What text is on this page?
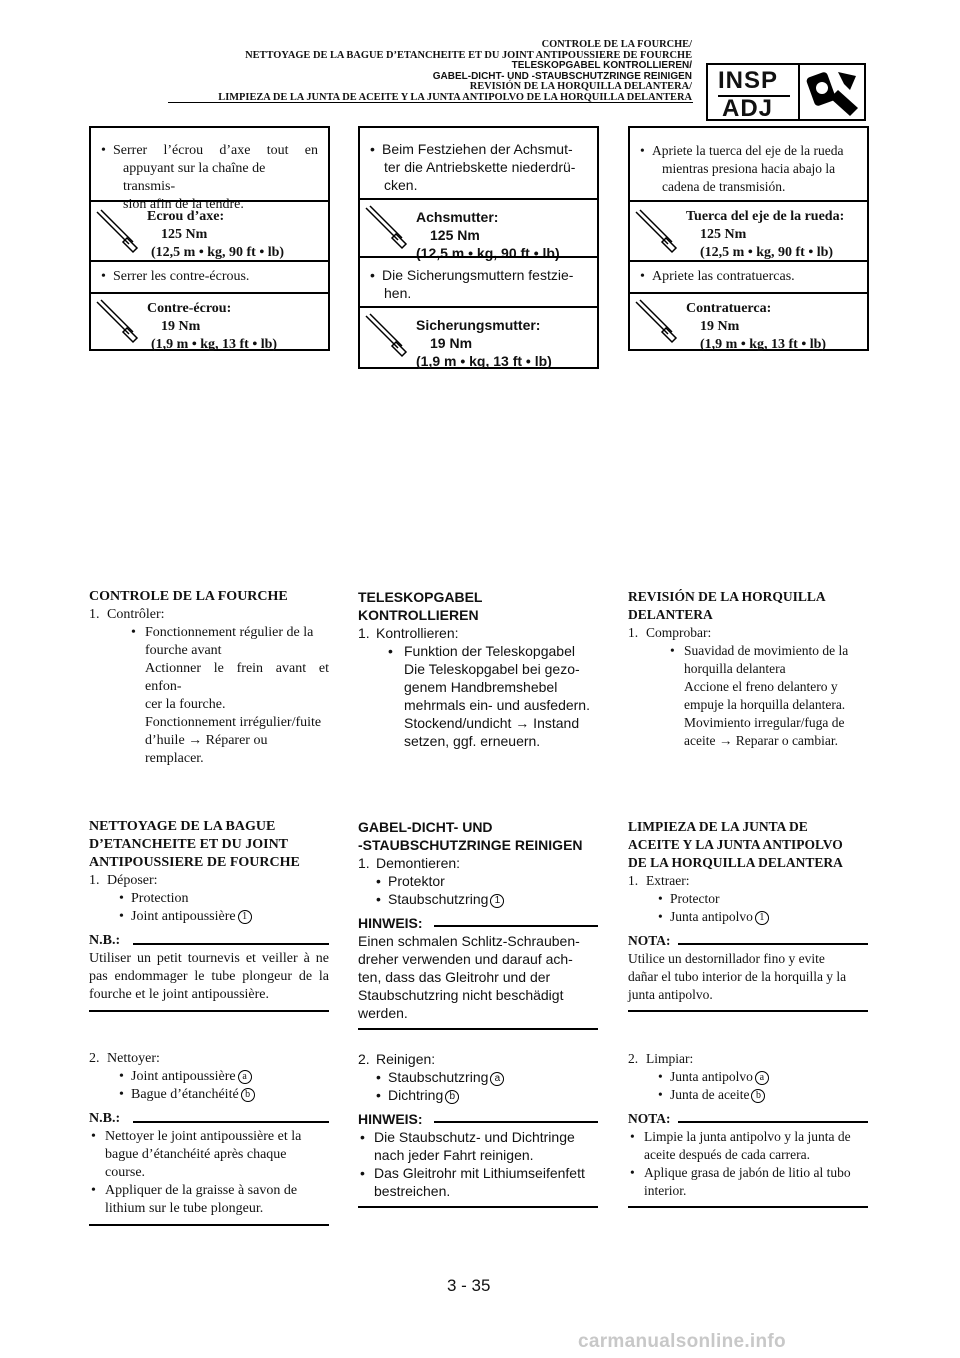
CONTROLE DE LA FOURCHE/
NETTOYAGE DE LA BAGUE D’ETANCHEITE ET DU JOINT ANTIPOUSSIERE DE FOURCHE
TELESKOPGABEL KONTROLLIEREN/
GABEL-DICHT- UND -STAUBSCHUTZRINGE REINIGEN
REVISIÓN DE LA HORQUILLA DELANTERA/
LIMPIEZA DE LA JUNTA DE ACEITE Y LA JUNTA ANTIPOLVO DE LA HORQUILLA DELANTERA
INSP
ADJ
• Serrer l’écrou d’axe tout en
appuyant sur la chaîne de transmis-
sion afin de la tendre.
Ecrou d’axe:
125 Nm
(12,5 m • kg, 90 ft • lb)
• Serrer les contre-écrous.
Contre-écrou:
19 Nm
(1,9 m • kg, 13 ft • lb)
• Beim Festziehen der Achsmut-
ter die Antriebskette niederdrü-
cken.
Achsmutter:
125 Nm
(12,5 m • kg, 90 ft • lb)
• Die Sicherungsmuttern festzie-
hen.
Sicherungsmutter:
19 Nm
(1,9 m • kg, 13 ft • lb)
• Apriete la tuerca del eje de la rueda
mientras presiona hacia abajo la
cadena de transmisión.
Tuerca del eje de la rueda:
125 Nm
(12,5 m • kg, 90 ft • lb)
• Apriete las contratuercas.
Contratuerca:
19 Nm
(1,9 m • kg, 13 ft • lb)
CONTROLE DE LA FOURCHE
1. Contrôler:
• Fonctionnement régulier de la
fourche avant
Actionner le frein avant et enfon-
cer la fourche.
Fonctionnement irrégulier/fuite
d’huile → Réparer ou remplacer.
TELESKOPGABEL
KONTROLLIEREN
1. Kontrollieren:
• Funktion der Teleskopgabel
Die Teleskopgabel bei gezo-
genem Handbremshebel
mehrmals ein- und ausfedern.
Stockend/undicht → Instand
setzen, ggf. erneuern.
REVISIÓN DE LA HORQUILLA
DELANTERA
1. Comprobar:
• Suavidad de movimiento de la
horquilla delantera
Accione el freno delantero y
empuje la horquilla delantera.
Movimiento irregular/fuga de
aceite → Reparar o cambiar.
NETTOYAGE DE LA BAGUE
D’ETANCHEITE ET DU JOINT
ANTIPOUSSIERE DE FOURCHE
1. Déposer:
• Protection
• Joint antipoussière 1
N.B.:
Utiliser un petit tournevis et veiller à ne
pas endommager le tube plongeur de la
fourche et le joint antipoussière.
2. Nettoyer:
• Joint antipoussière a
• Bague d’étanchéité b
N.B.:
• Nettoyer le joint antipoussière et la
bague d’étanchéité après chaque
course.
• Appliquer de la graisse à savon de
lithium sur le tube plongeur.
GABEL-DICHT- UND
-STAUBSCHUTZRINGE REINIGEN
1. Demontieren:
• Protektor
• Staubschutzring 1
HINWEIS:
Einen schmalen Schlitz-Schrauben-
dreher verwenden und darauf ach-
ten, dass das Gleitrohr und der
Staubschutzring nicht beschädigt
werden.
2. Reinigen:
• Staubschutzring a
• Dichtring b
HINWEIS:
• Die Staubschutz- und Dichtringe
nach jeder Fahrt reinigen.
• Das Gleitrohr mit Lithiumseifenfett
bestreichen.
LIMPIEZA DE LA JUNTA DE
ACEITE Y LA JUNTA ANTIPOLVO
DE LA HORQUILLA DELANTERA
1. Extraer:
• Protector
• Junta antipolvo 1
NOTA:
Utilice un destornillador fino y evite
dañar el tubo interior de la horquilla y la
junta antipolvo.
2. Limpiar:
• Junta antipolvo a
• Junta de aceite b
NOTA:
• Limpie la junta antipolvo y la junta de
aceite después de cada carrera.
• Aplique grasa de jabón de litio al tubo
interior.
3 - 35
carmanualsonline.info
